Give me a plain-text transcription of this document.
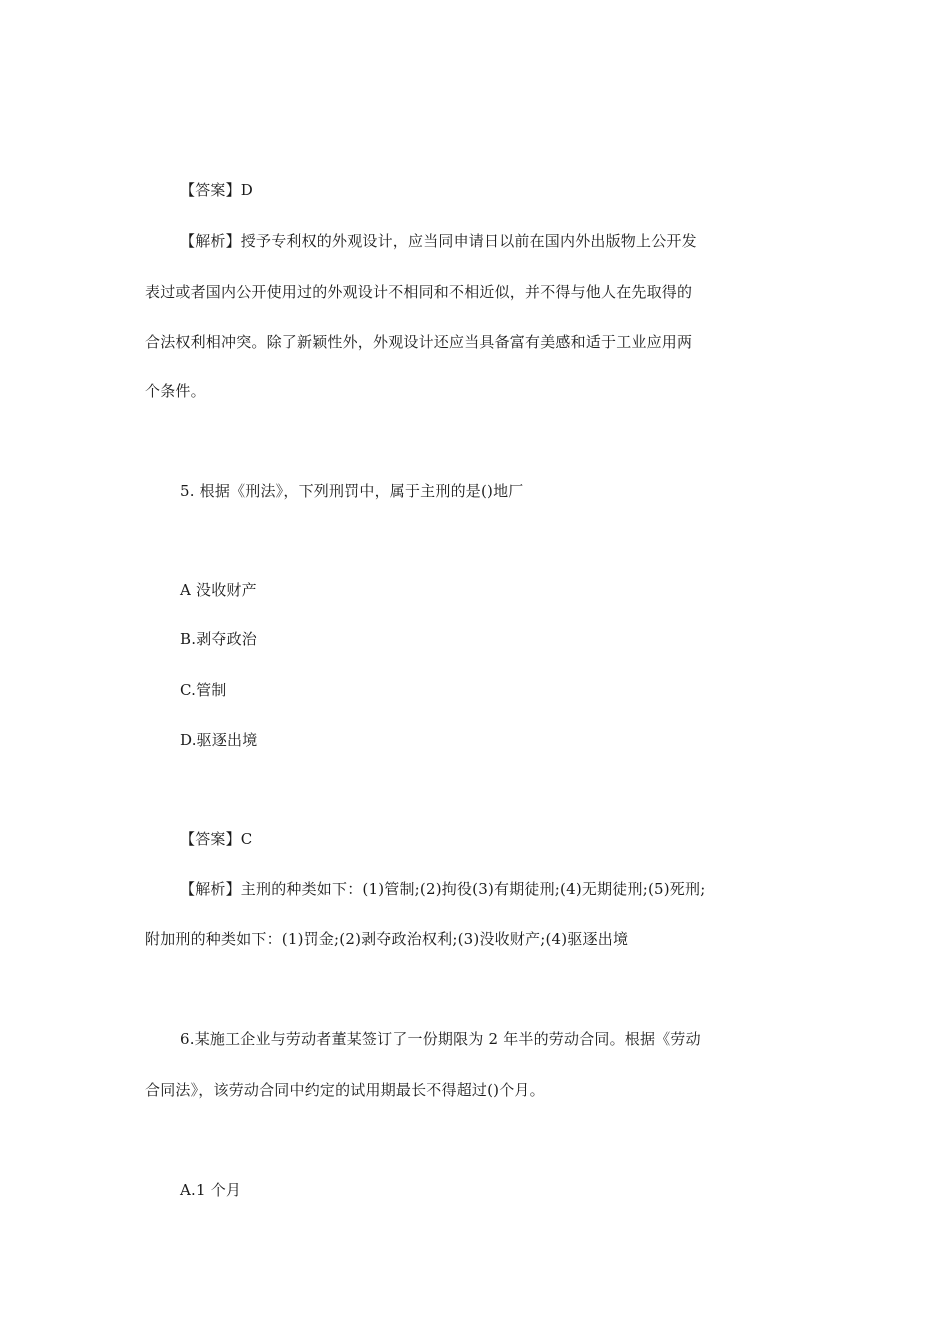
【答案】D
【解析】授予专利权的外观设计，应当同申请日以前在国内外出版物上公开发
表过或者国内公开使用过的外观设计不相同和不相近似，并不得与他人在先取得的
合法权利相冲突。除了新颖性外，外观设计还应当具备富有美感和适于工业应用两
个条件。
5. 根据《刑法》，下列刑罚中，属于主刑的是()地厂
A 没收财产
B.剥夺政治
C.管制
D.驱逐出境
【答案】C
【解析】主刑的种类如下：(1)管制;(2)拘役(3)有期徒刑;(4)无期徒刑;(5)死刑;
附加刑的种类如下：(1)罚金;(2)剥夺政治权利;(3)没收财产;(4)驱逐出境
6.某施工企业与劳动者董某签订了一份期限为 2 年半的劳动合同。根据《劳动
合同法》，该劳动合同中约定的试用期最长不得超过()个月。
A.1 个月
